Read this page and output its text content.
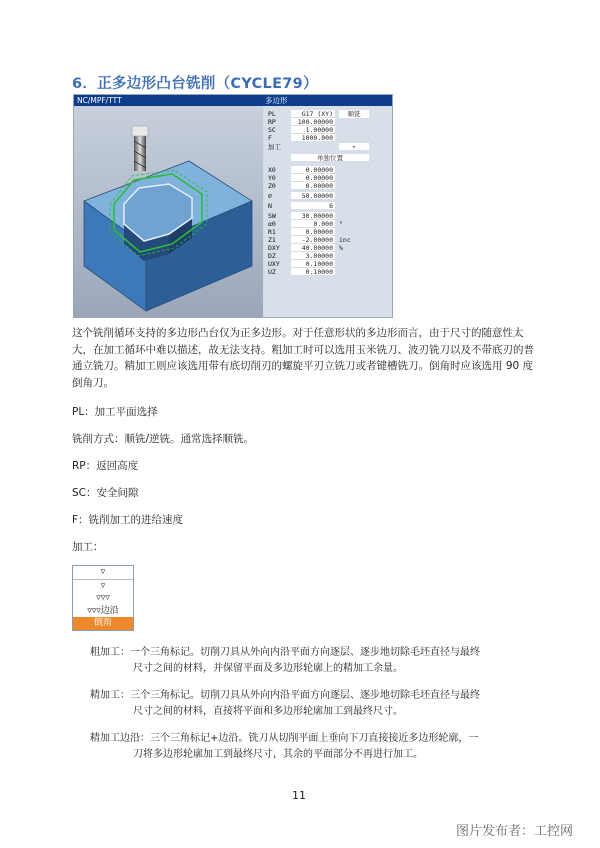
6．正多边形凸台铣削（CYCLE79）
NC/MPF/TTT	多边形
PL	G17 (XY)	顺铣
RP	100.00000
SC	1.00000
F	1000.000
加工	▿
单独位置
X0	0.00000
Y0	0.00000
Z0	0.00000
∅	50.00000
N	6
SW	30.00000
α0	0.000 °
R1	0.00000
Z1	-2.00000 inc
DXY	40.00000 %
DZ	3.00000
UXY	0.10000
UZ	0.10000
这个铣削循环支持的多边形凸台仅为正多边形。对于任意形状的多边形而言，由于尺寸的随意性太大，在加工循环中难以描述，故无法支持。粗加工时可以选用玉米铣刀、波刃铣刀以及不带底刃的普通立铣刀。精加工则应该选用带有底切削刃的螺旋平刃立铣刀或者键槽铣刀。倒角时应该选用 90 度倒角刀。
PL：加工平面选择
铣削方式：顺铣/逆铣。通常选择顺铣。
RP：返回高度
SC：安全间隙
F：铣削加工的进给速度
加工：
▿
▿
▿▿▿
▿▿▿边沿
倒角
粗加工：一个三角标记。切削刀具从外向内沿平面方向逐层、逐步地切除毛坯直径与最终
尺寸之间的材料，并保留平面及多边形轮廓上的精加工余量。
精加工：三个三角标记。切削刀具从外向内沿平面方向逐层、逐步地切除毛坯直径与最终
尺寸之间的材料，直接将平面和多边形轮廓加工到最终尺寸。
精加工边沿：三个三角标记+边沿。铣刀从切削平面上垂向下刀直接接近多边形轮廓，一
刀将多边形轮廓加工到最终尺寸，其余的平面部分不再进行加工。
11
图片发布者：工控网
